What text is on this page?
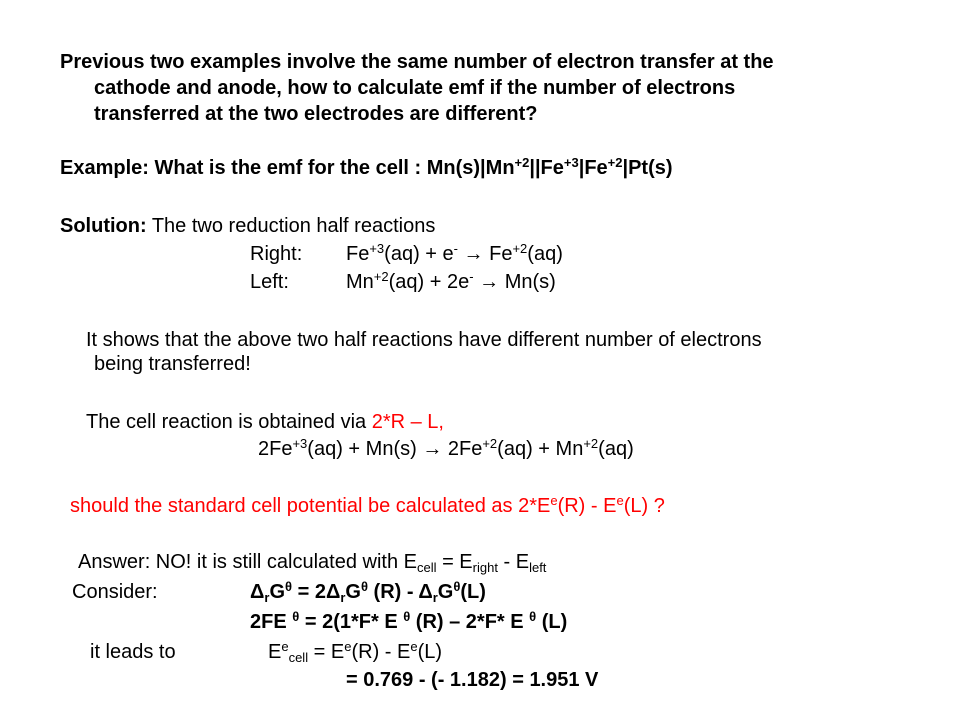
Previous two examples involve the same number of electron transfer at the
cathode and anode, how to calculate emf if the number of electrons
transferred at the two electrodes are different?
Example: What is the emf for the cell : $Mn(s)|Mn^{+2}||Fe^{+3}|Fe^{+2}|Pt(s)$
Solution: The two reduction half reactions
Right: $Fe^{+3}(aq) + e^- \to Fe^{+2}(aq)$
Left:	$Mn^{+2}(aq) + 2e^- \to Mn(s)$
It shows that the above two half reactions have different number of electrons
being transferred!
The cell reaction is obtained via 2*R – L,
$2Fe^{+3}(aq) + Mn(s) \to 2Fe^{+2}(aq) + Mn^{+2}(aq)$
should the standard cell potential be calculated as $2*E^e(R) - E^e(L)$ ?
Answer: NO! it is still calculated with $E_{cell} = E_{right} - E_{left}$
Consider:	$\Delta_rG^\theta = 2\Delta_rG^\theta$ $(R) - \Delta_rG^\theta(L)$
2FE $^\theta$ = 2(1*F* E $^\theta$ (R) – 2*F* E $^\theta$ (L)
it leads to	$E^e_{cell} = E^e(R) - E^e(L)$
= 0.769 - (- 1.182) = 1.951 V
